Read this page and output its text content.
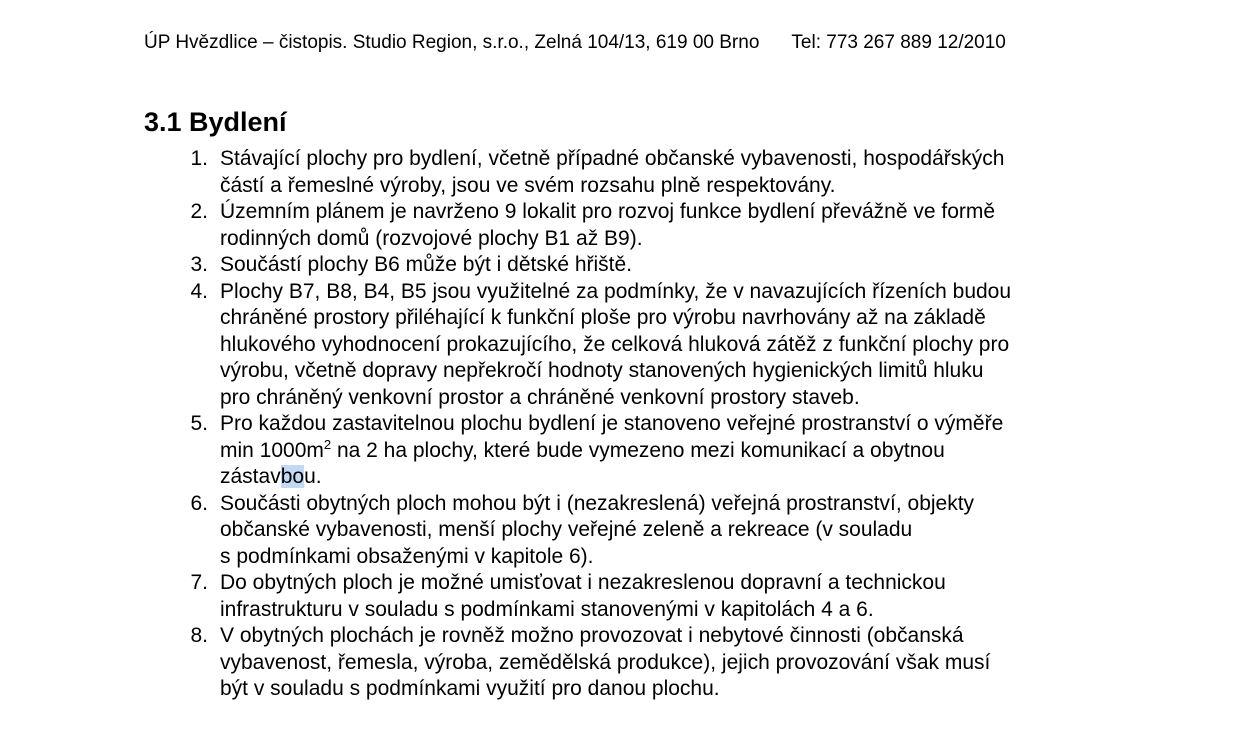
ÚP Hvězdlice – čistopis. Studio Region, s.r.o., Zelná 104/13, 619 00 Brno Tel: 773 267 889 12/2010
3.1 Bydlení
1. Stávající plochy pro bydlení, včetně případné občanské vybavenosti, hospodářských
částí a řemeslné výroby, jsou ve svém rozsahu plně respektovány.
2. Územním plánem je navrženo 9 lokalit pro rozvoj funkce bydlení převážně ve formě
rodinných domů (rozvojové plochy B1 až B9).
3. Součástí plochy B6 může být i dětské hřiště.
4. Plochy B7, B8, B4, B5 jsou využitelné za podmínky, že v navazujících řízeních budou
chráněné prostory přiléhající k funkční ploše pro výrobu navrhovány až na základě
hlukového vyhodnocení prokazujícího, že celková hluková zátěž z funkční plochy pro
výrobu, včetně dopravy nepřekročí hodnoty stanovených hygienických limitů hluku
pro chráněný venkovní prostor a chráněné venkovní prostory staveb.
5. Pro každou zastavitelnou plochu bydlení je stanoveno veřejné prostranství o výměře
$\min 1000m^2$ na 2 ha plochy, které bude vymezeno mezi komunikací a obytnou
zástavbou.
6. Součásti obytných ploch mohou být i (nezakreslená) veřejná prostranství, objekty
občanské vybavenosti, menší plochy veřejné zeleně a rekreace (v souladu
s podmínkami obsaženými v kapitole 6).
7. Do obytných ploch je možné umisťovat i nezakreslenou dopravní a technickou
infrastrukturu v souladu s podmínkami stanovenými v kapitolách 4 a 6.
8. V obytných plochách je rovněž možno provozovat i nebytové činnosti (občanská
vybavenost, řemesla, výroba, zemědělská produkce), jejich provozování však musí
být v souladu s podmínkami využití pro danou plochu.
